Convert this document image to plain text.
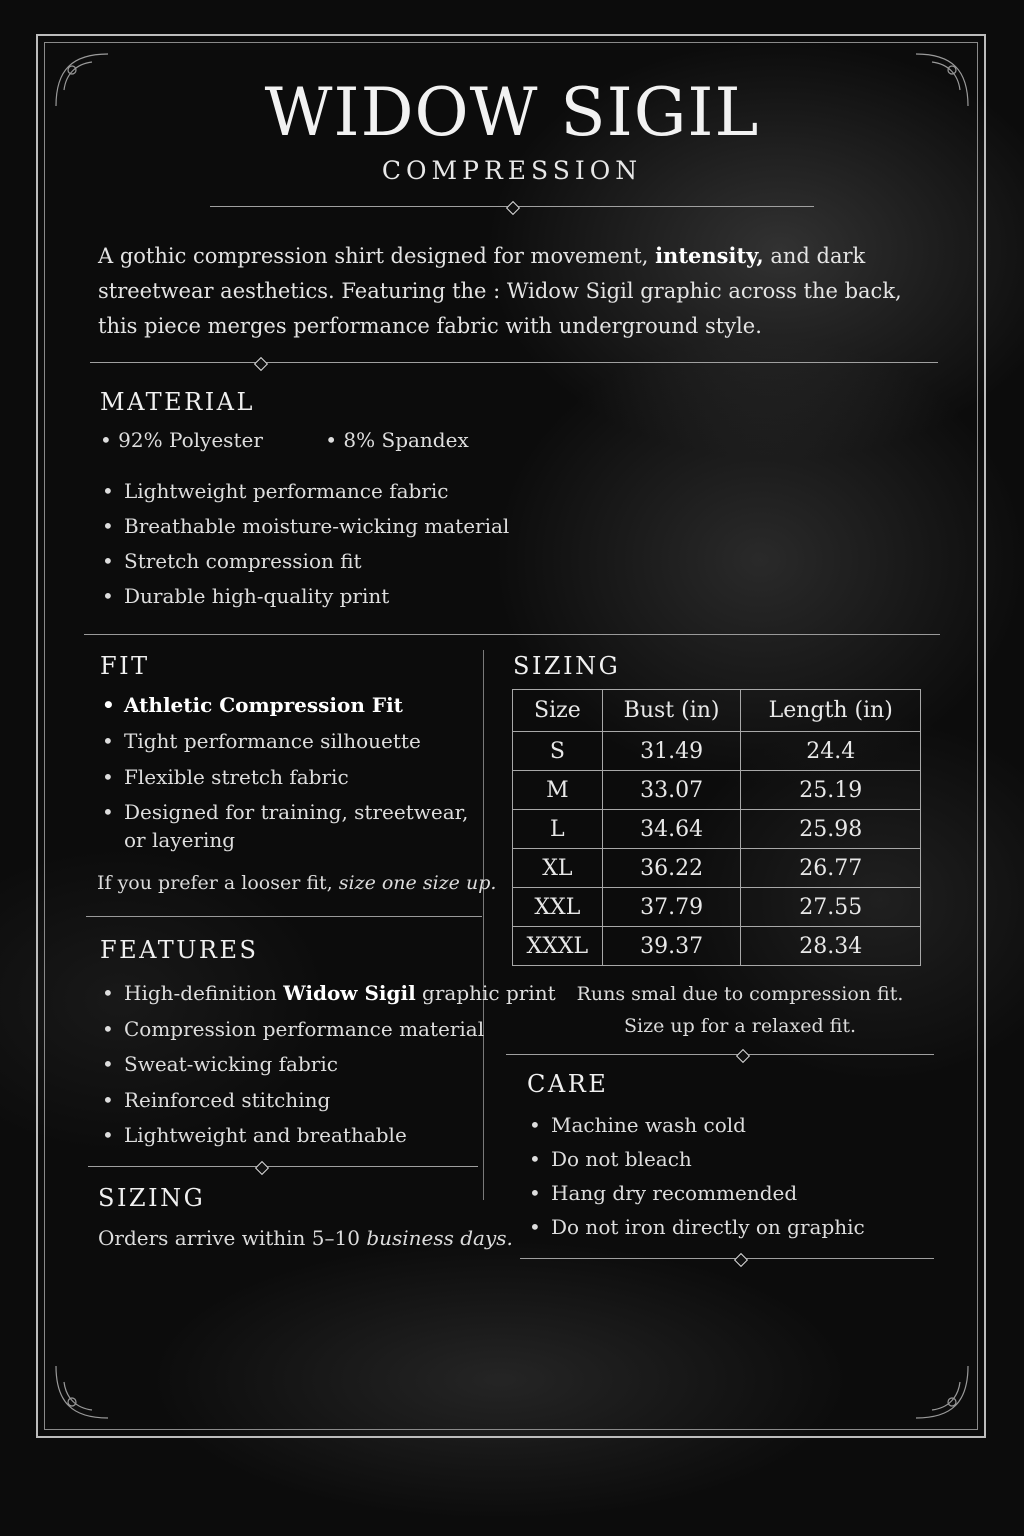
WIDOW SIGIL
COMPRESSION
A gothic compression shirt designed for movement, intensity, and dark streetwear aesthetics. Featuring the : Widow Sigil graphic across the back, this piece merges performance fabric with underground style.
MATERIAL
• 92% Polyester	• 8% Spandex
• Lightweight performance fabric
• Breathable moisture-wicking material
• Stretch compression fit
• Durable high-quality print
FIT
• Athletic Compression Fit
• Tight performance silhouette
• Flexible stretch fabric
• Designed for training, streetwear, or layering
If you prefer a looser fit, size one size up.
SIZING
Size	Bust (in)	Length (in)
S	31.49	24.4
M	33.07	25.19
L	34.64	25.98
XL	36.22	26.77
XXL	37.79	27.55
XXXL	39.37	28.34
Runs smal due to compression fit.
Size up for a relaxed fit.
FEATURES
• High-definition Widow Sigil graphic print
• Compression performance material
• Sweat-wicking fabric
• Reinforced stitching
• Lightweight and breathable
SIZING
Orders arrive within 5–10 business days.
CARE
• Machine wash cold
• Do not bleach
• Hang dry recommended
• Do not iron directly on graphic
